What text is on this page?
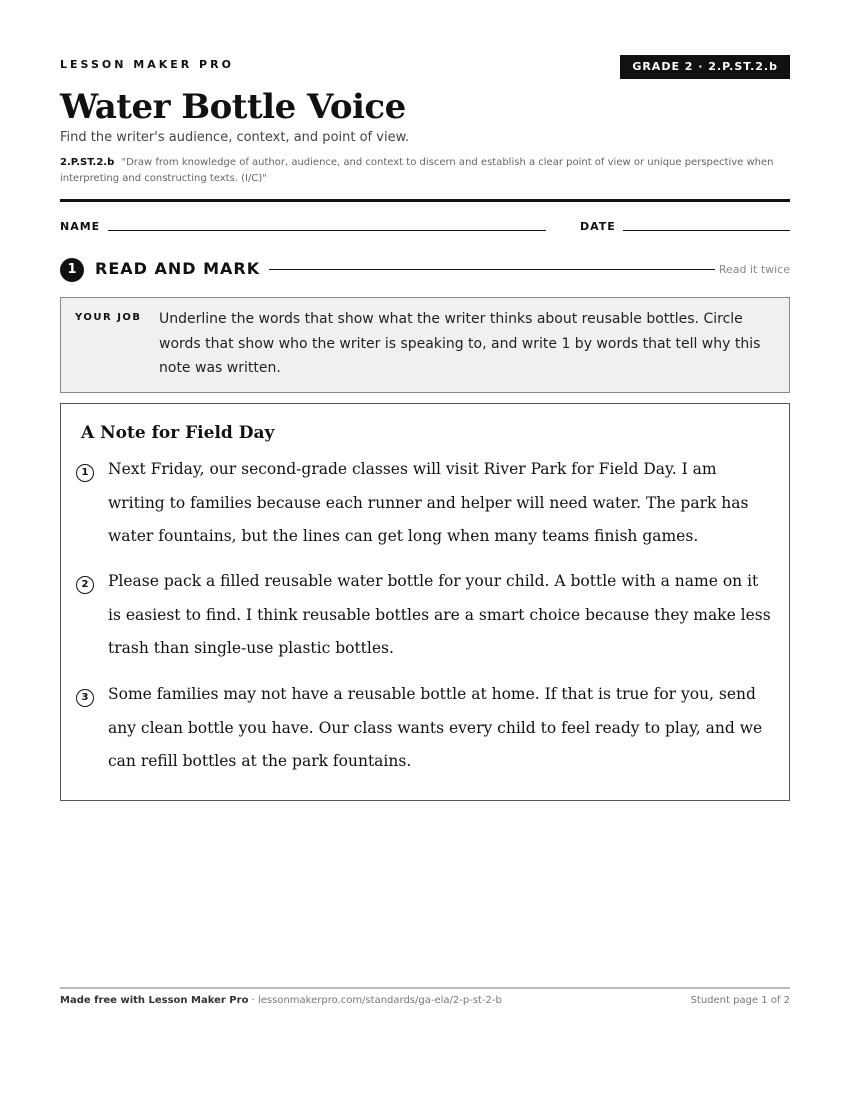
LESSON MAKER PRO	GRADE 2 · 2.P.ST.2.b
Water Bottle Voice
Find the writer's audience, context, and point of view.
2.P.ST.2.b "Draw from knowledge of author, audience, and context to discern and establish a clear point of view or unique perspective when interpreting and constructing texts. (I/C)"
NAME	DATE
1	READ AND MARK	Read it twice
YOUR JOB Underline the words that show what the writer thinks about reusable bottles. Circle words that show who the writer is speaking to, and write 1 by words that tell why this note was written.
A Note for Field Day
1	Next Friday, our second-grade classes will visit River Park for Field Day. I am writing to families because each runner and helper will need water. The park has water fountains, but the lines can get long when many teams finish games.
2	Please pack a filled reusable water bottle for your child. A bottle with a name on it is easiest to find. I think reusable bottles are a smart choice because they make less trash than single-use plastic bottles.
3	Some families may not have a reusable bottle at home. If that is true for you, send any clean bottle you have. Our class wants every child to feel ready to play, and we can refill bottles at the park fountains.
Made free with Lesson Maker Pro · lessonmakerpro.com/standards/ga-ela/2-p-st-2-b	Student page 1 of 2
